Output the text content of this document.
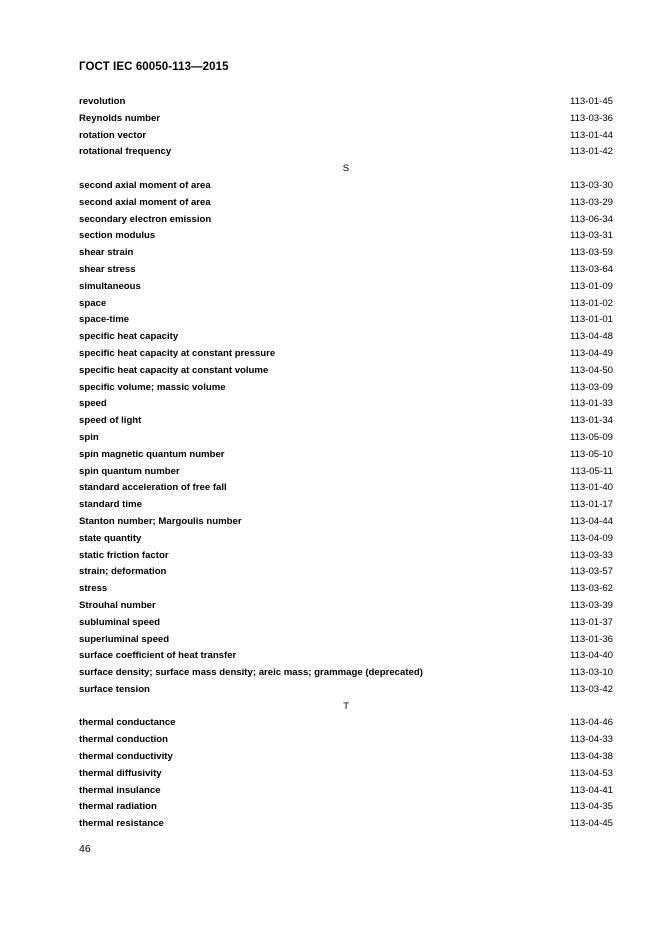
ГОСТ IEC 60050-113—2015
revolution	113-01-45
Reynolds number	113-03-36
rotation vector	113-01-44
rotational frequency	113-01-42
S
second axial moment of area	113-03-30
second axial moment of area	113-03-29
secondary electron emission	113-06-34
section modulus	113-03-31
shear strain	113-03-59
shear stress	113-03-64
simultaneous	113-01-09
space	113-01-02
space-time	113-01-01
specific heat capacity	113-04-48
specific heat capacity at constant pressure	113-04-49
specific heat capacity at constant volume	113-04-50
specific volume; massic volume	113-03-09
speed	113-01-33
speed of light	113-01-34
spin	113-05-09
spin magnetic quantum number	113-05-10
spin quantum number	113-05-11
standard acceleration of free fall	113-01-40
standard time	113-01-17
Stanton number; Margoulis number	113-04-44
state quantity	113-04-09
static friction factor	113-03-33
strain; deformation	113-03-57
stress	113-03-62
Strouhal number	113-03-39
subluminal speed	113-01-37
superluminal speed	113-01-36
surface coefficient of heat transfer	113-04-40
surface density; surface mass density; areic mass; grammage (deprecated)	113-03-10
surface tension	113-03-42
T
thermal conductance	113-04-46
thermal conduction	113-04-33
thermal conductivity	113-04-38
thermal diffusivity	113-04-53
thermal insulance	113-04-41
thermal radiation	113-04-35
thermal resistance	113-04-45
46
